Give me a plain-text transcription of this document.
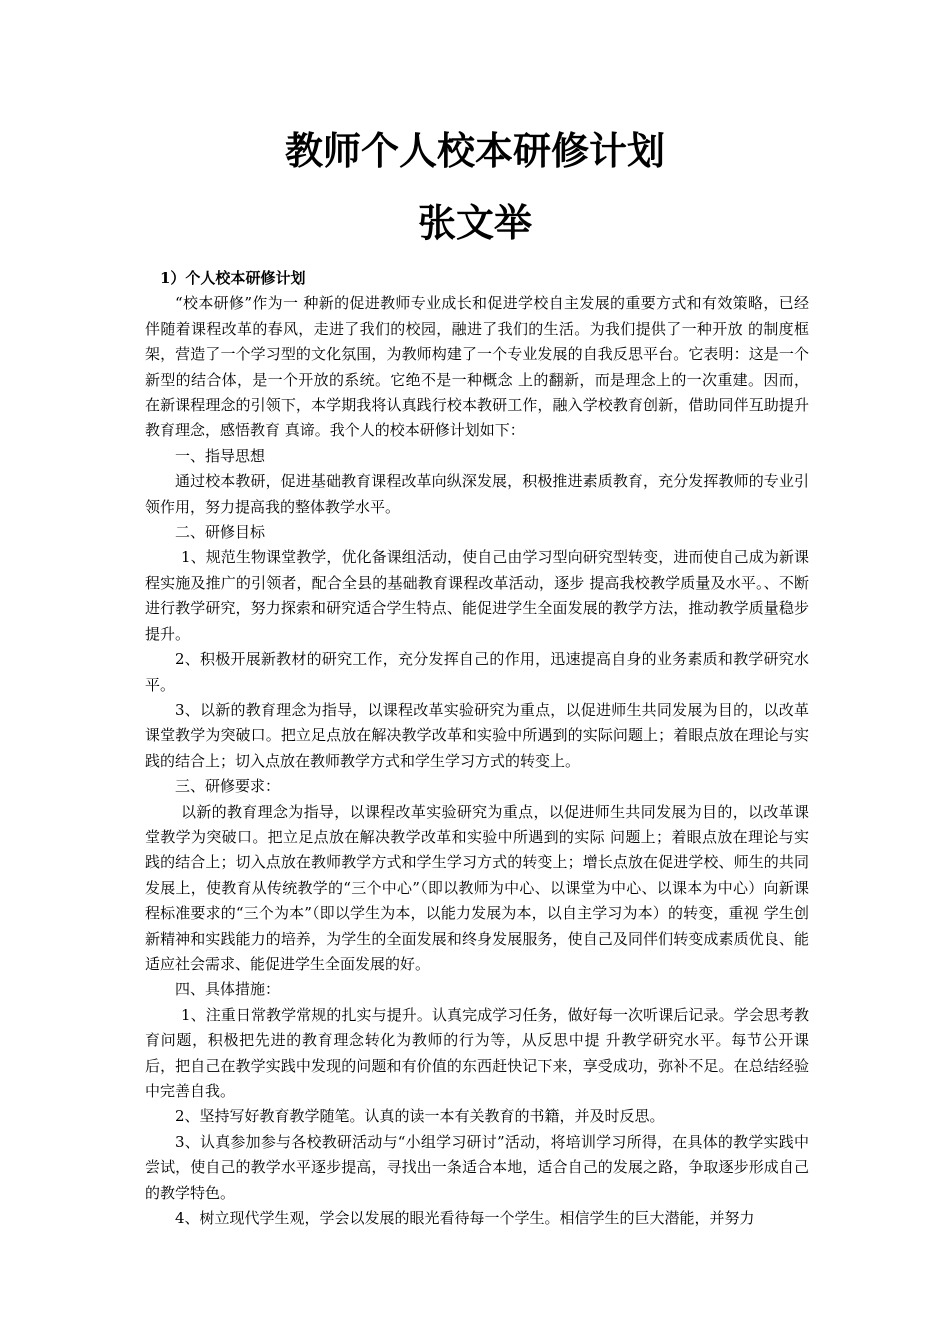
教师个人校本研修计划
张文举

1）个人校本研修计划

“校本研修”作为一 种新的促进教师专业成长和促进学校自主发展的重要方式和有效策略，已经伴随着课程改革的春风，走进了我们的校园，融进了我们的生活。为我们提供了一种开放 的制度框架，营造了一个学习型的文化氛围，为教师构建了一个专业发展的自我反思平台。它表明：这是一个新型的结合体，是一个开放的系统。它绝不是一种概念 上的翻新，而是理念上的一次重建。因而，在新课程理念的引领下，本学期我将认真践行校本教研工作，融入学校教育创新，借助同伴互助提升教育理念，感悟教育 真谛。我个人的校本研修计划如下：

一、指导思想

通过校本教研，促进基础教育课程改革向纵深发展，积极推进素质教育，充分发挥教师的专业引领作用，努力提高我的整体教学水平。

二、研修目标

1、规范生物课堂教学，优化备课组活动，使自己由学习型向研究型转变，进而使自己成为新课程实施及推广的引领者，配合全县的基础教育课程改革活动，逐步 提高我校教学质量及水平。、不断进行教学研究，努力探索和研究适合学生特点、能促进学生全面发展的教学方法，推动教学质量稳步提升。

2、积极开展新教材的研究工作，充分发挥自己的作用，迅速提高自身的业务素质和教学研究水平。

3、以新的教育理念为指导，以课程改革实验研究为重点，以促进师生共同发展为目的，以改革课堂教学为突破口。把立足点放在解决教学改革和实验中所遇到的实际问题上；着眼点放在理论与实践的结合上；切入点放在教师教学方式和学生学习方式的转变上。

三、研修要求：

以新的教育理念为指导，以课程改革实验研究为重点，以促进师生共同发展为目的，以改革课堂教学为突破口。把立足点放在解决教学改革和实验中所遇到的实际 问题上；着眼点放在理论与实践的结合上；切入点放在教师教学方式和学生学习方式的转变上；增长点放在促进学校、师生的共同发展上，使教育从传统教学的“三个中心”（即以教师为中心、以课堂为中心、以课本为中心）向新课程标准要求的“三个为本”（即以学生为本，以能力发展为本，以自主学习为本）的转变，重视 学生创新精神和实践能力的培养，为学生的全面发展和终身发展服务，使自己及同伴们转变成素质优良、能适应社会需求、能促进学生全面发展的好。

四、具体措施：

1、注重日常教学常规的扎实与提升。认真完成学习任务，做好每一次听课后记录。学会思考教育问题，积极把先进的教育理念转化为教师的行为等，从反思中提 升教学研究水平。每节公开课后，把自己在教学实践中发现的问题和有价值的东西赶快记下来，享受成功，弥补不足。在总结经验中完善自我。

2、坚持写好教育教学随笔。认真的读一本有关教育的书籍，并及时反思。

3、认真参加参与各校教研活动与“小组学习研讨”活动，将培训学习所得，在具体的教学实践中尝试，使自己的教学水平逐步提高，寻找出一条适合本地，适合自己的发展之路，争取逐步形成自己的教学特色。

4、树立现代学生观，学会以发展的眼光看待每一个学生。相信学生的巨大潜能，并努力
